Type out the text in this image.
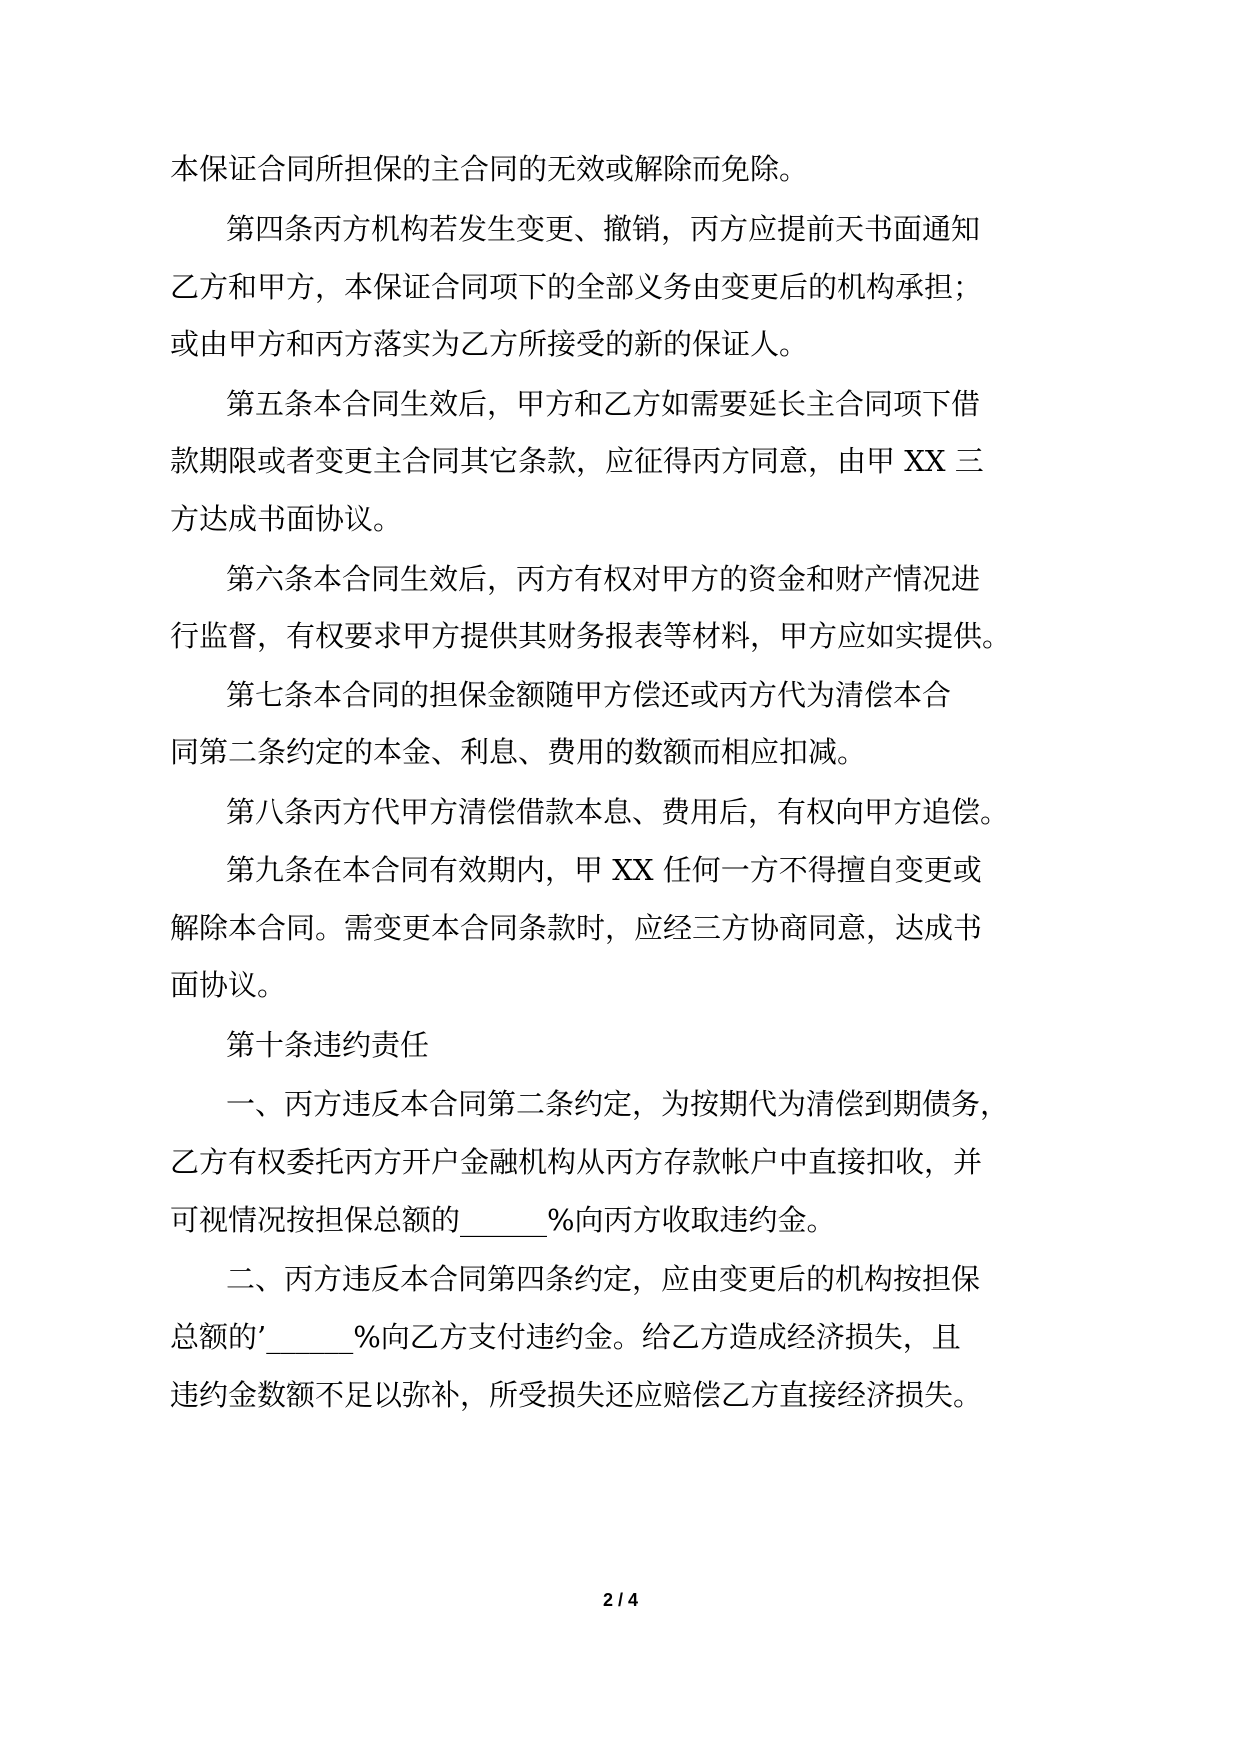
本保证合同所担保的主合同的无效或解除而免除。
第四条丙方机构若发生变更、撤销，丙方应提前天书面通知
乙方和甲方，本保证合同项下的全部义务由变更后的机构承担；
或由甲方和丙方落实为乙方所接受的新的保证人。
第五条本合同生效后，甲方和乙方如需要延长主合同项下借
款期限或者变更主合同其它条款，应征得丙方同意，由甲 XX 三
方达成书面协议。
第六条本合同生效后，丙方有权对甲方的资金和财产情况进
行监督，有权要求甲方提供其财务报表等材料，甲方应如实提供。
第七条本合同的担保金额随甲方偿还或丙方代为清偿本合
同第二条约定的本金、利息、费用的数额而相应扣减。
第八条丙方代甲方清偿借款本息、费用后，有权向甲方追偿。
第九条在本合同有效期内，甲 XX 任何一方不得擅自变更或
解除本合同。需变更本合同条款时，应经三方协商同意，达成书
面协议。
第十条违约责任
一、丙方违反本合同第二条约定，为按期代为清偿到期债务，
乙方有权委托丙方开户金融机构从丙方存款帐户中直接扣收，并
可视情况按担保总额的______%向丙方收取违约金。
二、丙方违反本合同第四条约定，应由变更后的机构按担保
总额的’______%向乙方支付违约金。给乙方造成经济损失，且
违约金数额不足以弥补，所受损失还应赔偿乙方直接经济损失。
2 / 4
